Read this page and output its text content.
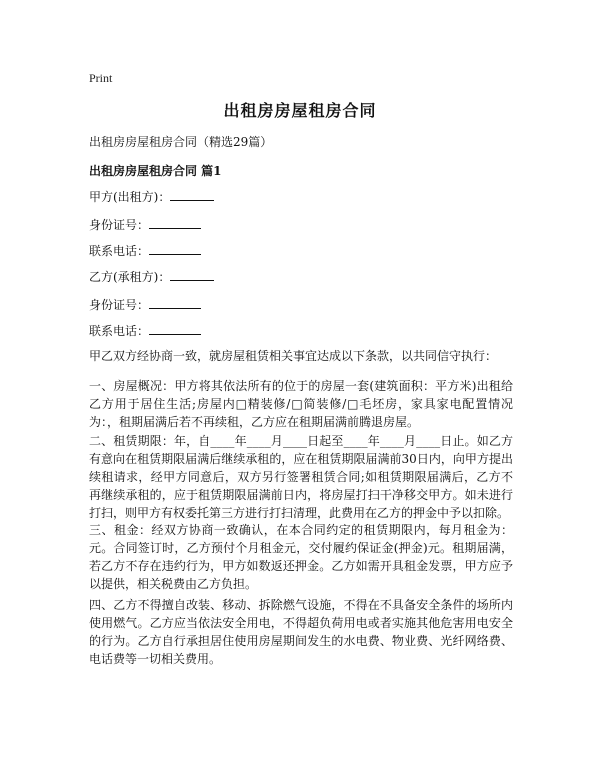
Print
出租房房屋租房合同
出租房房屋租房合同（精选29篇）
出租房房屋租房合同 篇1
甲方(出租方)：
身份证号：
联系电话：
乙方(承租方)：
身份证号：
联系电话：
甲乙双方经协商一致，就房屋租赁相关事宜达成以下条款，以共同信守执行：
一、房屋概况：甲方将其依法所有的位于的房屋一套(建筑面积：平方米)出租给乙方用于居住生活;房屋内□精装修/□简装修/□毛坯房，家具家电配置情况为：，租期届满后若不再续租，乙方应在租期届满前腾退房屋。
二、租赁期限：年，自____年____月____日起至____年____月____日止。如乙方有意向在租赁期限届满后继续承租的，应在租赁期限届满前30日内，向甲方提出续租请求，经甲方同意后，双方另行签署租赁合同;如租赁期限届满后，乙方不再继续承租的，应于租赁期限届满前日内，将房屋打扫干净移交甲方。如未进行打扫，则甲方有权委托第三方进行打扫清理，此费用在乙方的押金中予以扣除。
三、租金：经双方协商一致确认，在本合同约定的租赁期限内，每月租金为：元。合同签订时，乙方预付个月租金元，交付履约保证金(押金)元。租期届满，若乙方不存在违约行为，甲方如数返还押金。乙方如需开具租金发票，甲方应予以提供，相关税费由乙方负担。
四、乙方不得擅自改装、移动、拆除燃气设施，不得在不具备安全条件的场所内使用燃气。乙方应当依法安全用电，不得超负荷用电或者实施其他危害用电安全的行为。乙方自行承担居住使用房屋期间发生的水电费、物业费、光纤网络费、电话费等一切相关费用。
